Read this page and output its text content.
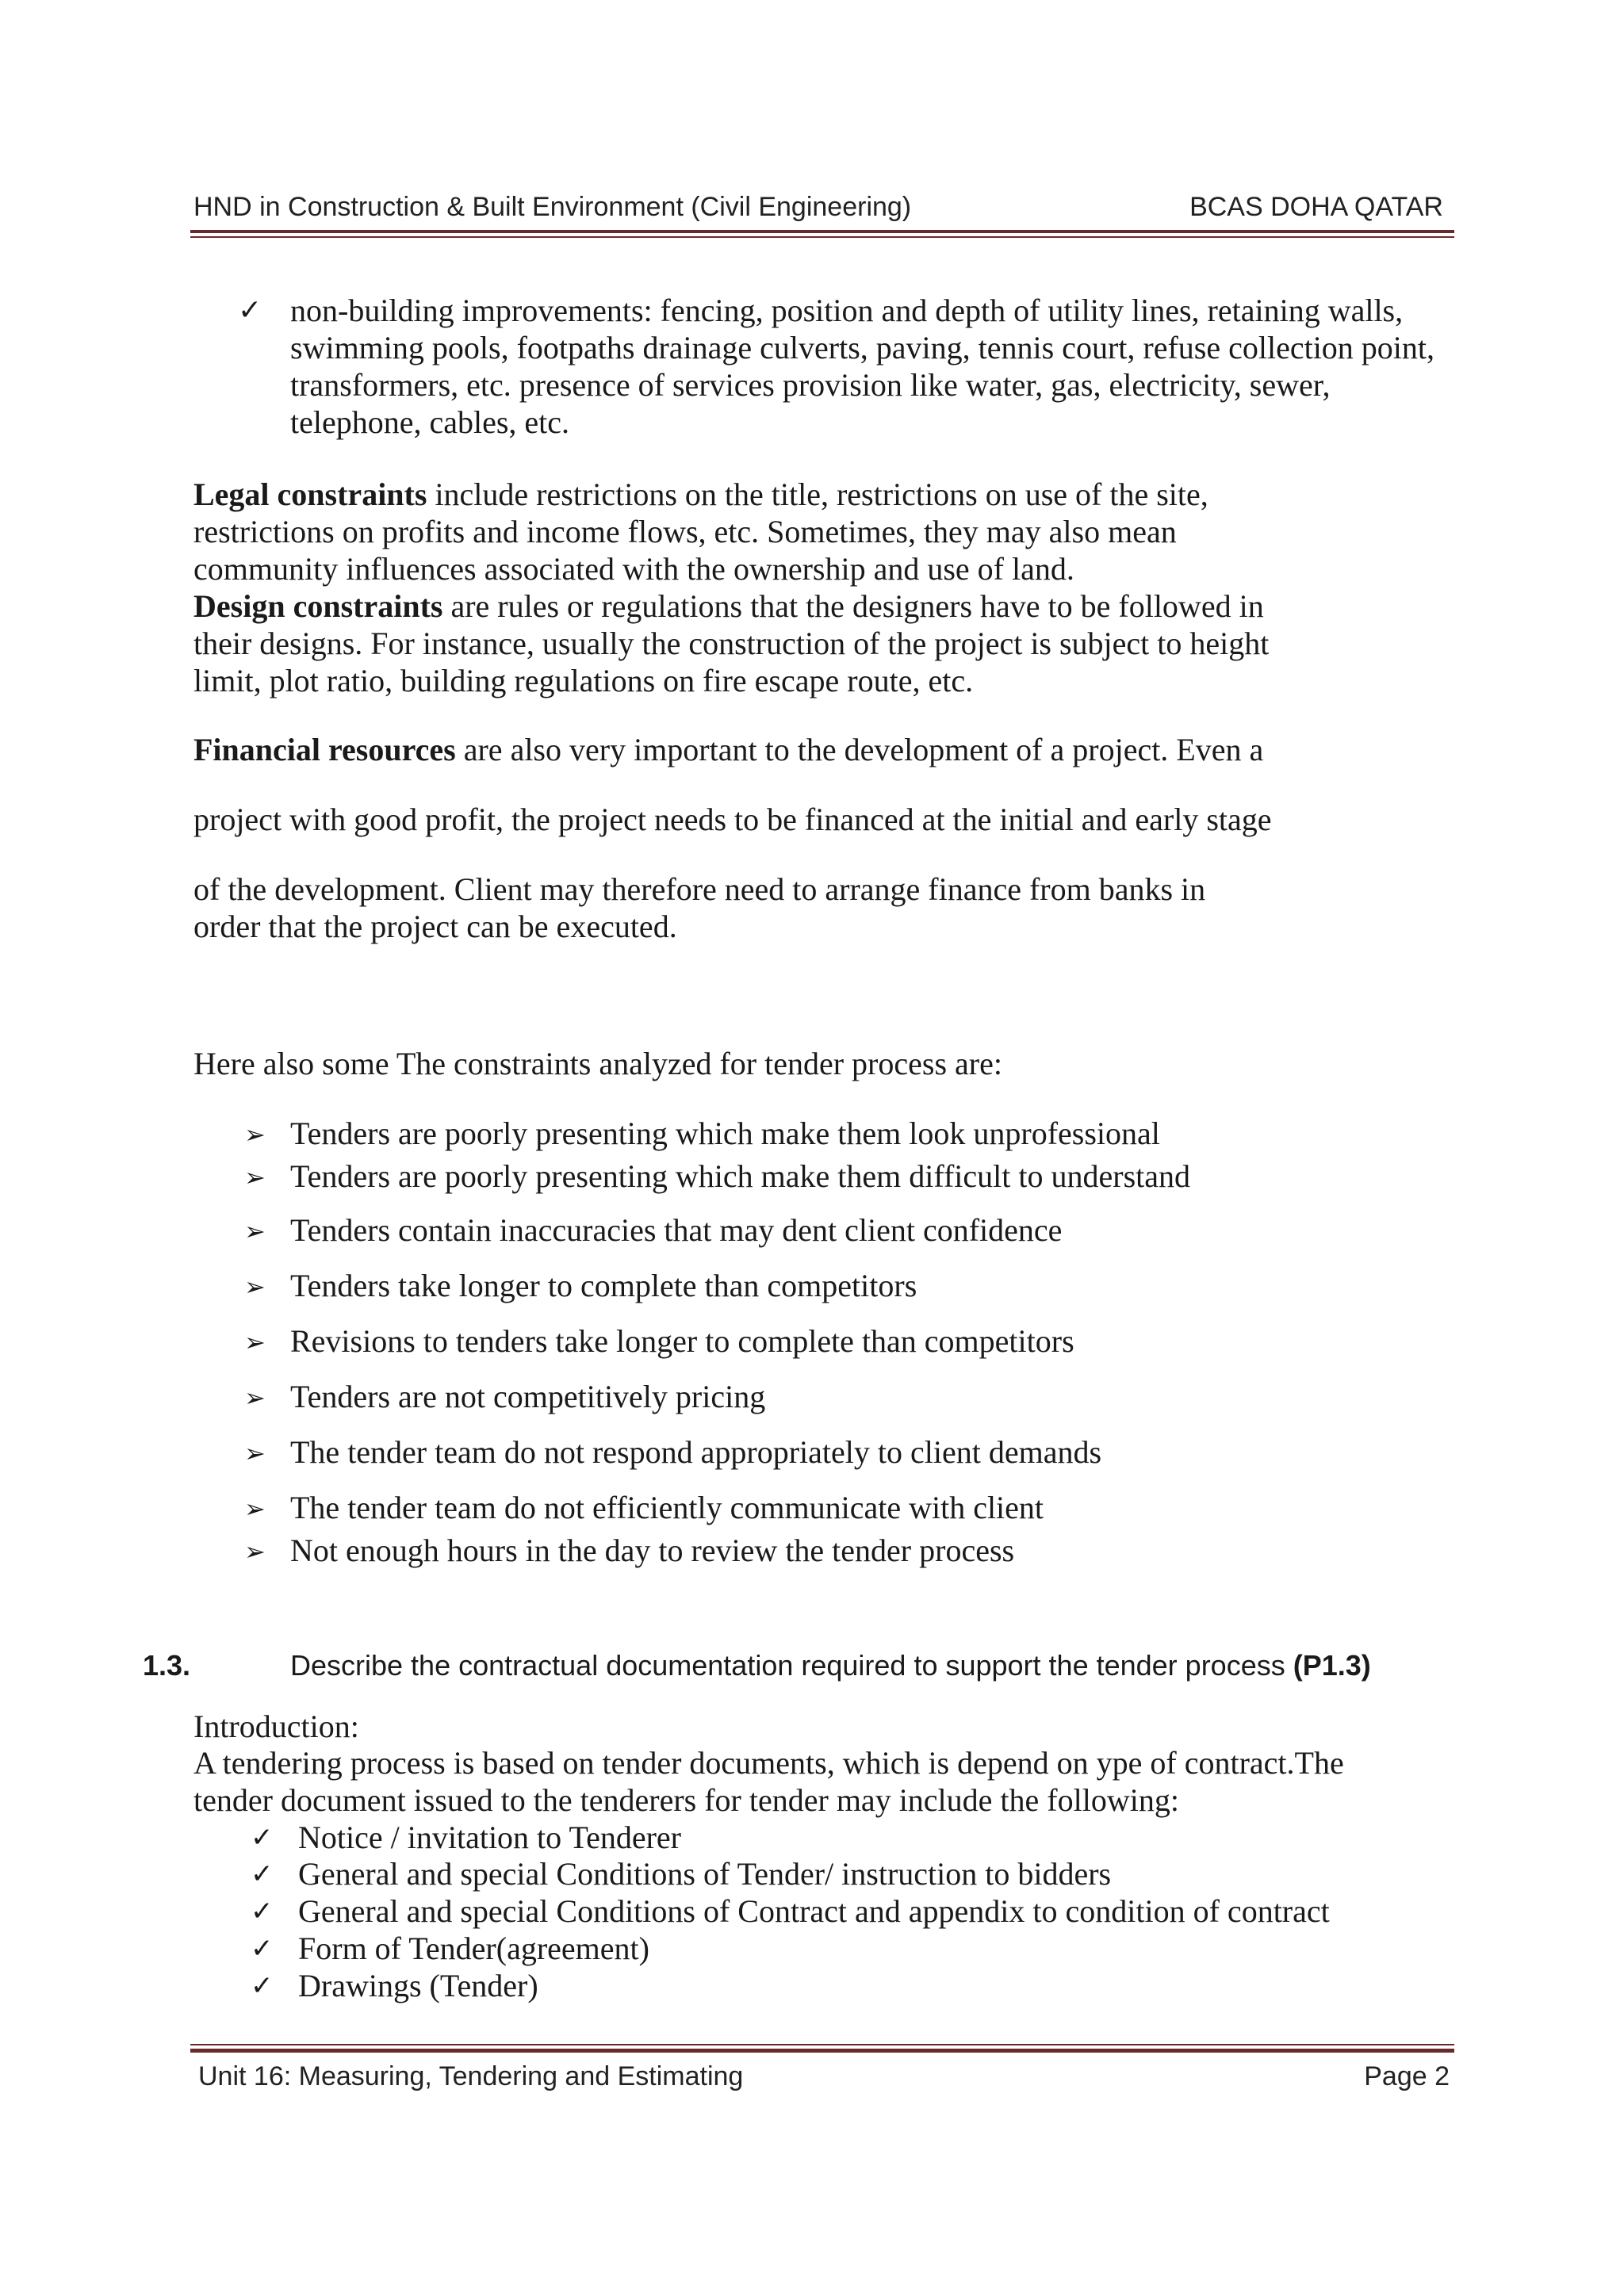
HND in Construction & Built Environment (Civil Engineering)	BCAS DOHA QATAR
✓ non-building improvements: fencing, position and depth of utility lines, retaining walls, swimming pools, footpaths drainage culverts, paving, tennis court, refuse collection point, transformers, etc. presence of services provision like water, gas, electricity, sewer, telephone, cables, etc.
Legal constraints include restrictions on the title, restrictions on use of the site, restrictions on profits and income flows, etc. Sometimes, they may also mean community influences associated with the ownership and use of land.
Design constraints are rules or regulations that the designers have to be followed in their designs. For instance, usually the construction of the project is subject to height limit, plot ratio, building regulations on fire escape route, etc.
Financial resources are also very important to the development of a project. Even a
project with good profit, the project needs to be financed at the initial and early stage
of the development. Client may therefore need to arrange finance from banks in order that the project can be executed.
Here also some The constraints analyzed for tender process are:
➢ Tenders are poorly presenting which make them look unprofessional
➢ Tenders are poorly presenting which make them difficult to understand
➢ Tenders contain inaccuracies that may dent client confidence
➢ Tenders take longer to complete than competitors
➢ Revisions to tenders take longer to complete than competitors
➢ Tenders are not competitively pricing
➢ The tender team do not respond appropriately to client demands
➢ The tender team do not efficiently communicate with client
➢ Not enough hours in the day to review the tender process
1.3.	Describe the contractual documentation required to support the tender process (P1.3)
Introduction:
A tendering process is based on tender documents, which is depend on ype of contract.The tender document issued to the tenderers for tender may include the following:
✓ Notice / invitation to Tenderer
✓ General and special Conditions of Tender/ instruction to bidders
✓ General and special Conditions of Contract and appendix to condition of contract
✓ Form of Tender(agreement)
✓ Drawings (Tender)
Unit 16: Measuring, Tendering and Estimating	Page 2
